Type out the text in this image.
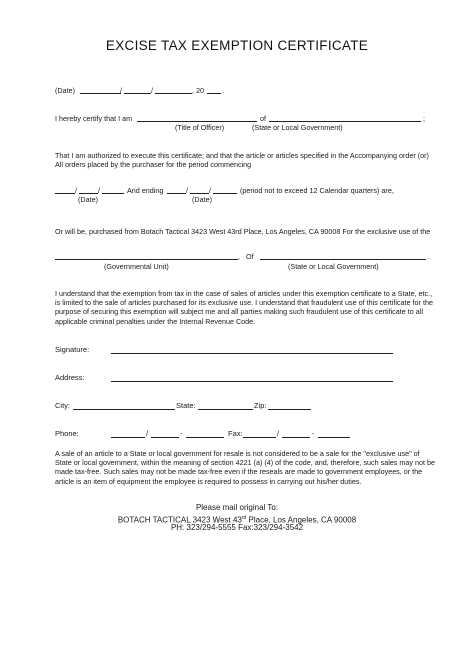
EXCISE TAX EXEMPTION CERTIFICATE
(Date)	/	/	, 20	.
I hereby certify that I am	of	;
(Title of Officer)	(State or Local Government)
That I am authorized to execute this certificate; and that the article or articles specified in the Accompanying order (or) All orders placed by the purchaser for the period commencing
/	/	And ending	/	/	(period not to exceed 12 Calendar quarters) are,
(Date)	(Date)
Or will be, purchased from Botach Tactical 3423 West 43rd Place, Los Angeles, CA 90008 For the exclusive use of the
, Of	.
(Governmental Unit)	(State or Local Government)
I understand that the exemption from tax in the case of sales of articles under this exemption certificate to a State, etc., is limited to the sale of articles purchased for its exclusive use. I understand that fraudulent use of this certificate for the purpose of securing this exemption will subject me and all parties making such fraudulent use of this certificate to all applicable criminal penalties under the Internal Revenue Code.
Signature:
Address:
City:	State:	Zip:
Phone:	/	-	Fax:	/	-
A sale of an article to a State or local government for resale is not considered to be a sale for the "exclusive use" of State or local government, within the meaning of section 4221 (a) (4) of the code, and, therefore, such sales may not be made tax-free. Such sales may not be made tax-free even if the reseals are made to government employees, or the article is an item of equipment the employee is required to possess in carrying out his/her duties.
Please mail original To:
BOTACH TACTICAL 3423 West 43rd Place, Los Angeles, CA 90008
PH: 323/294-5555 Fax:323/294-3542
